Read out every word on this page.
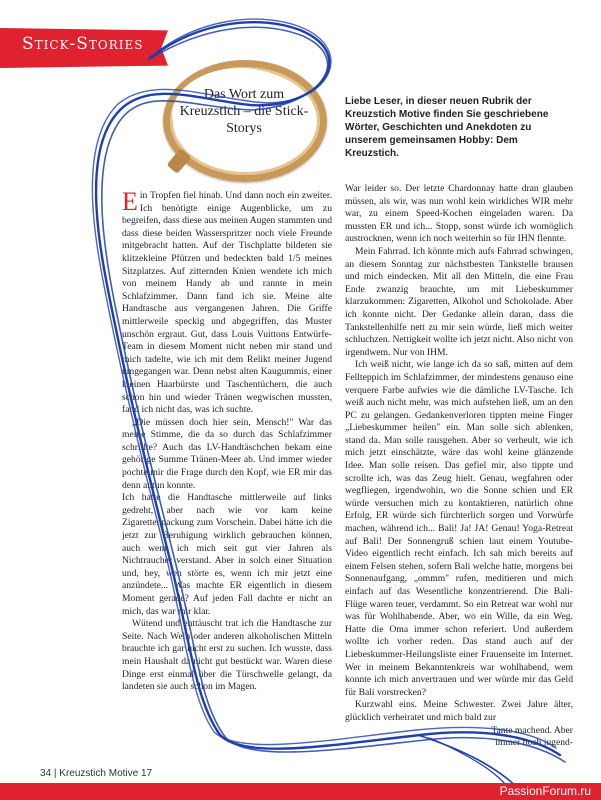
Stick-Stories
Das Wort zum Kreuzstich – die Stick-Storys
Liebe Leser, in dieser neuen Rubrik der Kreuzstich Motive finden Sie geschriebene Wörter, Geschichten und Anekdoten zu unserem gemeinsamen Hobby: Dem Kreuzstich.

Ein Tropfen fiel hinab. Und dann noch ein zweiter. Ich benötigte einige Augenblicke, um zu begreifen, dass diese aus meinen Augen stammten und dass diese beiden Wasserspritzer noch viele Freunde mitgebracht hatten. Auf der Tischplatte bildeten sie klitzekleine Pfützen und bedeckten bald 1/5 meines Sitzplatzes. Auf zitternden Knien wendete ich mich von meinem Handy ab und rannte in mein Schlafzimmer. Dann fand ich sie. Meine alte Handtasche aus vergangenen Jahren. Die Griffe mittlerweile speckig und abgegriffen, das Muster unschön ergraut. Gut, dass Louis Vuittons Entwürfe-Team in diesem Moment nicht neben mir stand und mich tadelte, wie ich mit dem Relikt meiner Jugend umgegangen war. Denn nebst alten Kaugummis, einer kleinen Haarbürste und Taschentüchern, die auch schon hin und wieder Tränen wegwischen mussten, fand ich nicht das, was ich suchte.

„Die müssen doch hier sein, Mensch!" War das meine Stimme, die da so durch das Schlafzimmer schrillte? Auch das LV-Handtäschchen bekam eine gehörige Summe Tränen-Meer ab. Und immer wieder pochte mir die Frage durch den Kopf, wie ER mir das denn antun konnte.

Ich hatte die Handtasche mittlerweile auf links gedreht, aber nach wie vor kam keine Zigarettenpackung zum Vorschein. Dabei hätte ich die jetzt zur Beruhigung wirklich gebrauchen können, auch wenn ich mich seit gut vier Jahren als Nichtraucher verstand. Aber in solch einer Situation und, hey, wen störte es, wenn ich mir jetzt eine anzündete... Was machte ER eigentlich in diesem Moment gerade? Auf jeden Fall dachte er nicht an mich, das war mir klar.

Wütend und enttäuscht trat ich die Handtasche zur Seite. Nach Wein oder anderen alkoholischen Mitteln brauchte ich gar nicht erst zu suchen. Ich wusste, dass mein Haushalt da nicht gut bestückt war. Waren diese Dinge erst einmal über die Türschwelle gelangt, da landeten sie auch schon im Magen.

War leider so. Der letzte Chardonnay hatte dran glauben müssen, als wir, was nun wohl kein wirkliches WIR mehr war, zu einem Speed-Kochen eingeladen waren. Da mussten ER und ich... Stopp, sonst würde ich womöglich austrocknen, wenn ich noch weiterhin so für IHN flennte.

Mein Fahrrad. Ich könnte mich aufs Fahrrad schwingen, an diesem Sonntag zur nächstbesten Tankstelle brausen und mich eindecken. Mit all den Mitteln, die eine Frau Ende zwanzig brauchte, um mit Liebeskummer klarzukommen: Zigaretten, Alkohol und Schokolade. Aber ich konnte nicht. Der Gedanke allein daran, dass die Tankstellenhilfe nett zu mir sein würde, ließ mich weiter schluchzen. Nettigkeit wollte ich jetzt nicht. Also nicht von irgendwem. Nur von IHM.

Ich weiß nicht, wie lange ich da so saß, mitten auf dem Fellteppich im Schlafzimmer, der mindestens genauso eine verquere Farbe aufwies wie die dämliche LV-Tasche. Ich weiß auch nicht mehr, was mich aufstehen ließ, um an den PC zu gelangen. Gedankenverloren tippten meine Finger „Liebeskummer heilen" ein. Man solle sich ablenken, stand da. Man solle rausgehen. Aber so verheult, wie ich mich jetzt einschätzte, wäre das wohl keine glänzende Idee. Man solle reisen. Das gefiel mir, also tippte und scrollte ich, was das Zeug hielt. Genau, wegfahren oder wegfliegen, irgendwohin, wo die Sonne schien und ER würde versuchen mich zu kontaktieren, natürlich ohne Erfolg, ER würde sich fürchterlich sorgen und Vorwürfe machen, während ich... Bali! Ja! JA! Genau! Yoga-Retreat auf Bali! Der Sonnengruß schien laut einem Youtube-Video eigentlich recht einfach. Ich sah mich bereits auf einem Felsen stehen, sofern Bali welche hatte, morgens bei Sonnenaufgang, „ommm" rufen, meditieren und mich einfach auf das Wesentliche konzentrierend. Die Bali-Flüge waren teuer, verdammt. So ein Retreat war wohl nur was für Wohlhabende. Aber, wo ein Wille, da ein Weg. Hatte die Oma immer schon referiert. Und außerdem wollte ich vorher reden. Das stand auch auf der Liebeskummer-Heilungsliste einer Frauenseite im Internet. Wer in meinem Bekanntenkreis war wohlhabend, wem konnte ich mich anvertrauen und wer würde mir das Geld für Bali vorstrecken?

Kurzwahl eins. Meine Schwester. Zwei Jahre älter, glücklich verheiratet und mich bald zur

Tante machend. Aber
immer noch jugend-
34 | Kreuzstich Motive 17
PassionForum.ru
